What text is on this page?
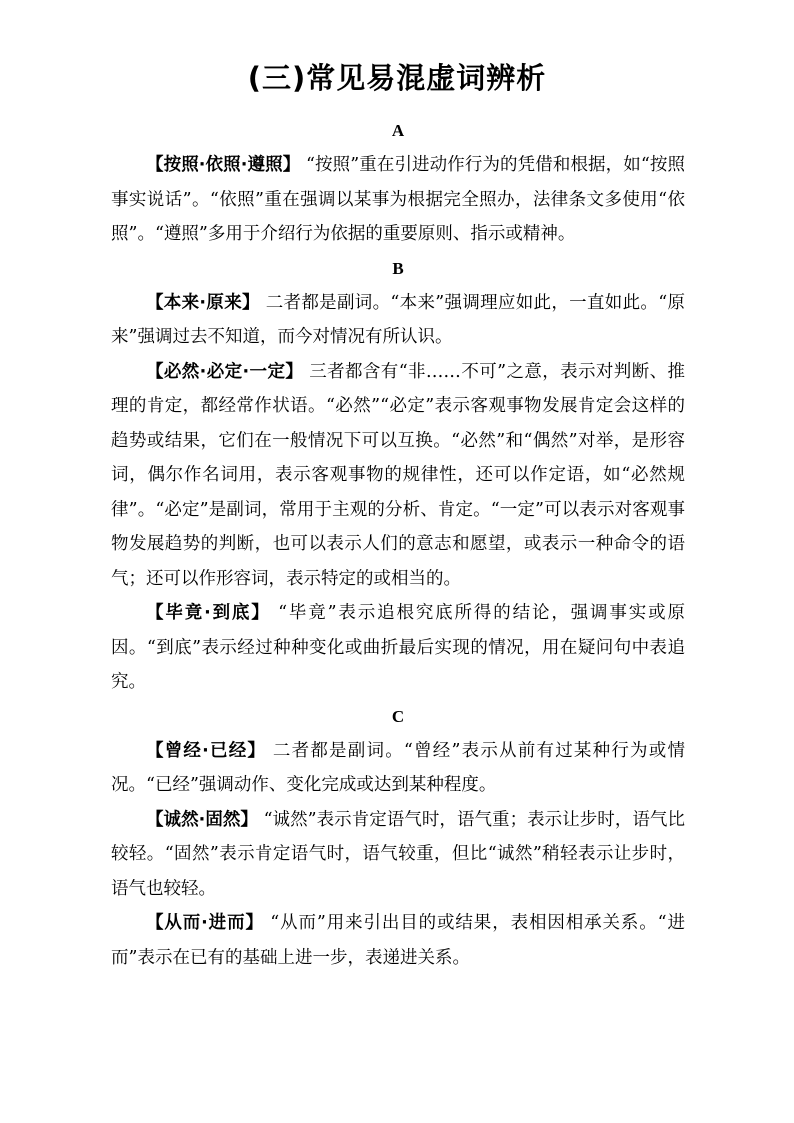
(三)常见易混虚词辨析

A

【按照·依照·遵照】 “按照”重在引进动作行为的凭借和根据，如“按照事实说话”。“依照”重在强调以某事为根据完全照办，法律条文多使用“依照”。“遵照”多用于介绍行为依据的重要原则、指示或精神。

B

【本来·原来】 二者都是副词。“本来”强调理应如此，一直如此。“原来”强调过去不知道，而今对情况有所认识。

【必然·必定·一定】 三者都含有“非……不可”之意，表示对判断、推理的肯定，都经常作状语。“必然”“必定”表示客观事物发展肯定会这样的趋势或结果，它们在一般情况下可以互换。“必然”和“偶然”对举，是形容词，偶尔作名词用，表示客观事物的规律性，还可以作定语，如“必然规律”。“必定”是副词，常用于主观的分析、肯定。“一定”可以表示对客观事物发展趋势的判断，也可以表示人们的意志和愿望，或表示一种命令的语气；还可以作形容词，表示特定的或相当的。

【毕竟·到底】 “毕竟”表示追根究底所得的结论，强调事实或原因。“到底”表示经过种种变化或曲折最后实现的情况，用在疑问句中表追究。

C

【曾经·已经】 二者都是副词。“曾经”表示从前有过某种行为或情况。“已经”强调动作、变化完成或达到某种程度。

【诚然·固然】 “诚然”表示肯定语气时，语气重；表示让步时，语气比较轻。“固然”表示肯定语气时，语气较重，但比“诚然”稍轻表示让步时，语气也较轻。

【从而·进而】 “从而”用来引出目的或结果，表相因相承关系。“进而”表示在已有的基础上进一步，表递进关系。
